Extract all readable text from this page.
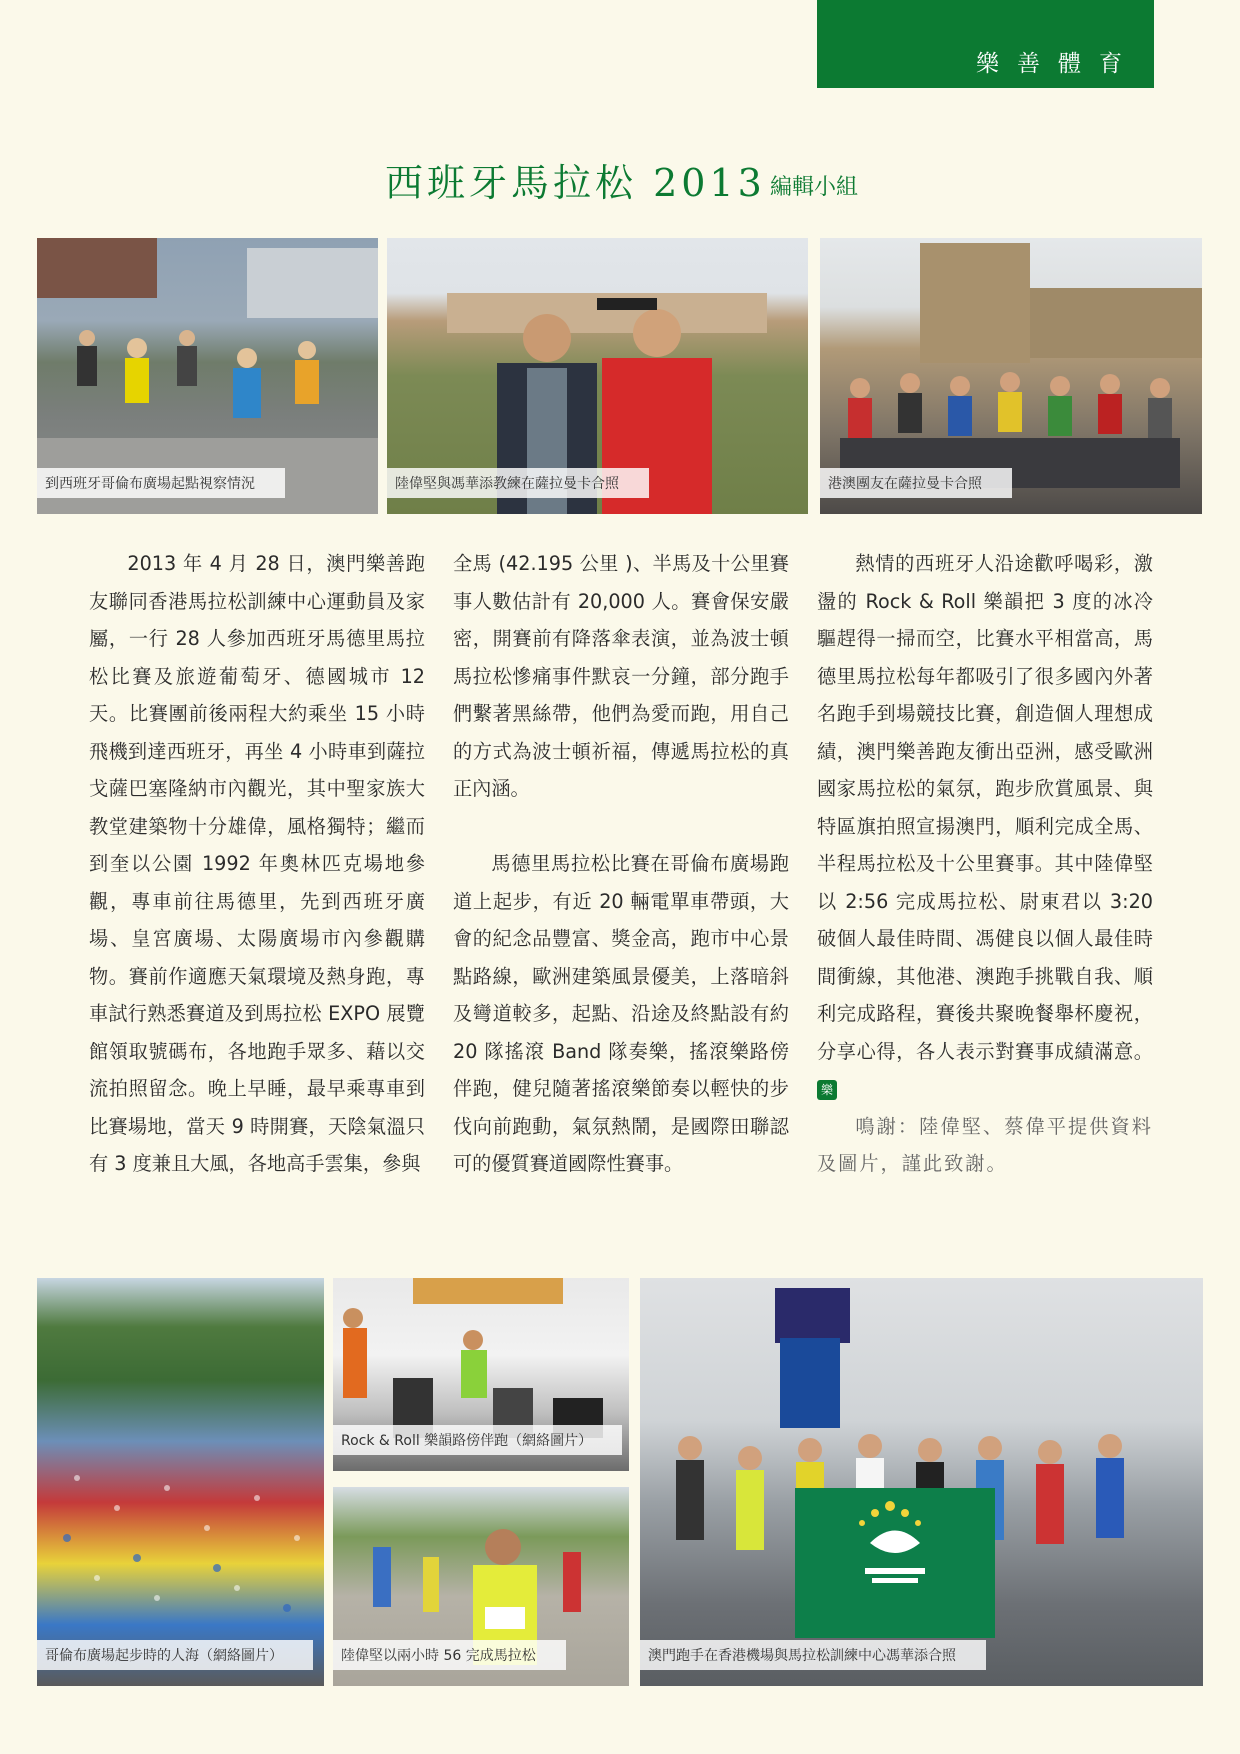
樂善體育
西班牙馬拉松 2013 編輯小組
到西班牙哥倫布廣場起點視察情況	陸偉堅與馮華添教練在薩拉曼卡合照	港澳團友在薩拉曼卡合照

2013 年 4 月 28 日，澳門樂善跑友聯同香港馬拉松訓練中心運動員及家屬，一行 28 人參加西班牙馬德里馬拉松比賽及旅遊葡萄牙、德國城市 12 天。比賽團前後兩程大約乘坐 15 小時飛機到達西班牙，再坐 4 小時車到薩拉戈薩巴塞隆納市內觀光，其中聖家族大教堂建築物十分雄偉，風格獨特；繼而到奎以公園 1992 年奧林匹克場地參觀，專車前往馬德里，先到西班牙廣場、皇宮廣場、太陽廣場市內參觀購物。賽前作適應天氣環境及熱身跑，專車試行熟悉賽道及到馬拉松 EXPO 展覽館領取號碼布，各地跑手眾多、藉以交流拍照留念。晚上早睡，最早乘專車到比賽場地，當天 9 時開賽，天陰氣溫只有 3 度兼且大風，各地高手雲集，參與

全馬 (42.195 公里 )、半馬及十公里賽事人數估計有 20,000 人。賽會保安嚴密，開賽前有降落傘表演，並為波士頓馬拉松慘痛事件默哀一分鐘，部分跑手們繫著黑絲帶，他們為愛而跑，用自己的方式為波士頓祈福，傳遞馬拉松的真正內涵。

馬德里馬拉松比賽在哥倫布廣場跑道上起步，有近 20 輛電單車帶頭，大會的紀念品豐富、獎金高，跑市中心景點路線，歐洲建築風景優美，上落暗斜及彎道較多，起點、沿途及終點設有約 20 隊搖滾 Band 隊奏樂，搖滾樂路傍伴跑，健兒隨著搖滾樂節奏以輕快的步伐向前跑動，氣氛熱鬧，是國際田聯認可的優質賽道國際性賽事。

熱情的西班牙人沿途歡呼喝彩，激盪的 Rock & Roll 樂韻把 3 度的冰冷驅趕得一掃而空，比賽水平相當高，馬德里馬拉松每年都吸引了很多國內外著名跑手到場競技比賽，創造個人理想成績，澳門樂善跑友衝出亞洲，感受歐洲國家馬拉松的氣氛，跑步欣賞風景、與特區旗拍照宣揚澳門，順利完成全馬、半程馬拉松及十公里賽事。其中陸偉堅以 2:56 完成馬拉松、尉東君以 3:20 破個人最佳時間、馮健良以個人最佳時間衝線，其他港、澳跑手挑戰自我、順利完成路程，賽後共聚晚餐舉杯慶祝，分享心得，各人表示對賽事成績滿意。樂

鳴謝：陸偉堅、蔡偉平提供資料及圖片，謹此致謝。

哥倫布廣場起步時的人海（網絡圖片）
Rock & Roll 樂韻路傍伴跑（網絡圖片）
陸偉堅以兩小時 56 完成馬拉松	澳門跑手在香港機場與馬拉松訓練中心馮華添合照
